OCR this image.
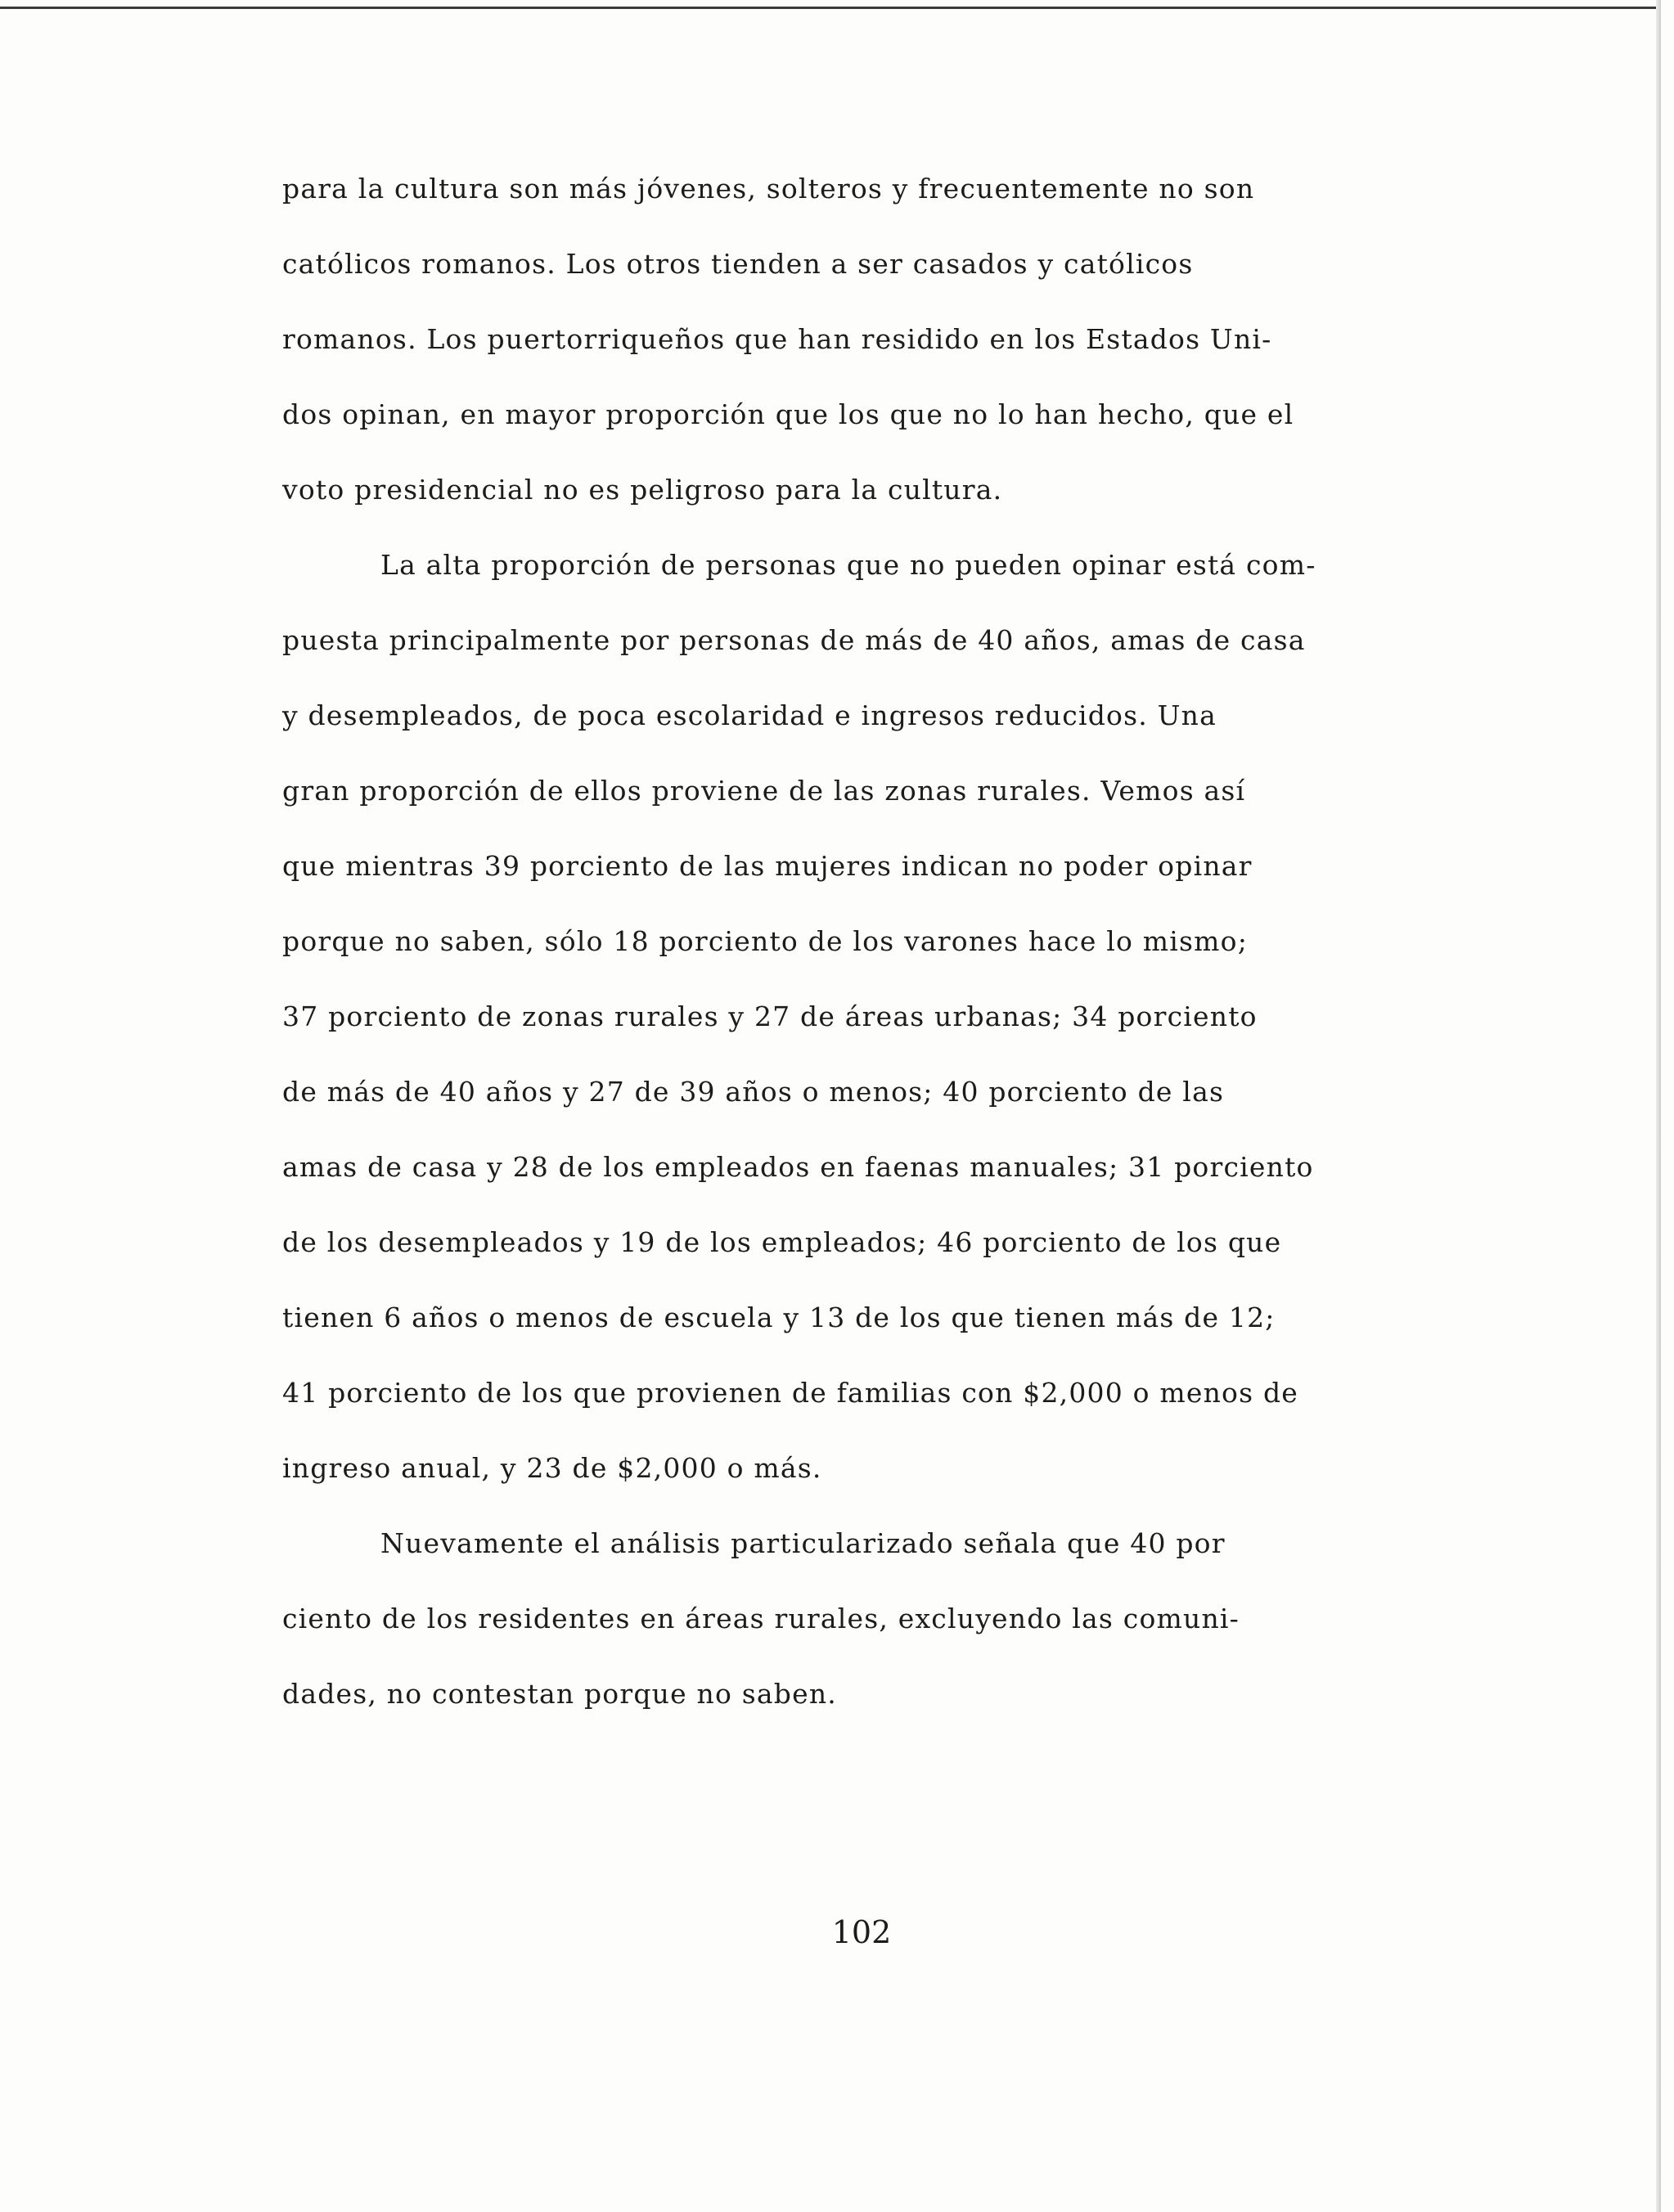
para la cultura son más jóvenes, solteros y frecuentemente no son
católicos romanos. Los otros tienden a ser casados y católicos
romanos. Los puertorriqueños que han residido en los Estados Uni-
dos opinan, en mayor proporción que los que no lo han hecho, que el
voto presidencial no es peligroso para la cultura.
La alta proporción de personas que no pueden opinar está com-
puesta principalmente por personas de más de 40 años, amas de casa
y desempleados, de poca escolaridad e ingresos reducidos. Una
gran proporción de ellos proviene de las zonas rurales. Vemos así
que mientras 39 porciento de las mujeres indican no poder opinar
porque no saben, sólo 18 porciento de los varones hace lo mismo;
37 porciento de zonas rurales y 27 de áreas urbanas; 34 porciento
de más de 40 años y 27 de 39 años o menos; 40 porciento de las
amas de casa y 28 de los empleados en faenas manuales; 31 porciento
de los desempleados y 19 de los empleados; 46 porciento de los que
tienen 6 años o menos de escuela y 13 de los que tienen más de 12;
41 porciento de los que provienen de familias con $2,000 o menos de
ingreso anual, y 23 de $2,000 o más.
Nuevamente el análisis particularizado señala que 40 por
ciento de los residentes en áreas rurales, excluyendo las comuni-
dades, no contestan porque no saben.
102
